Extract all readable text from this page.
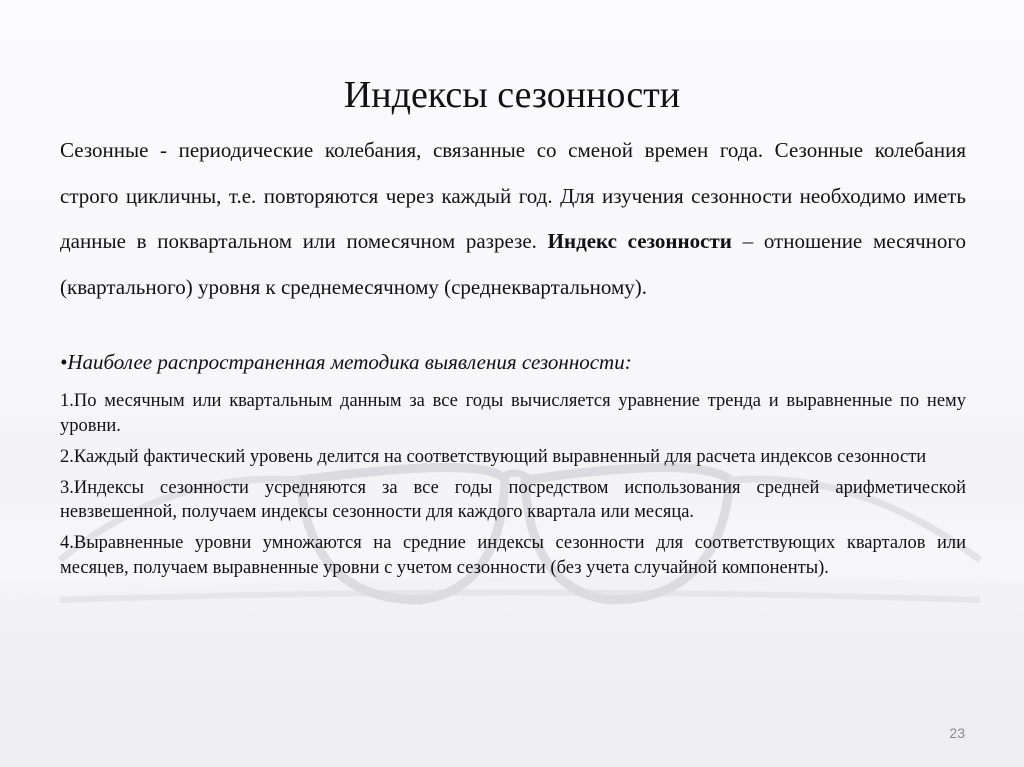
Индексы сезонности

Сезонные - периодические колебания, связанные со сменой времен года. Сезонные колебания строго цикличны, т.е. повторяются через каждый год. Для изучения сезонности необходимо иметь данные в поквартальном или помесячном разрезе. Индекс сезонности – отношение месячного (квартального) уровня к среднемесячному (среднеквартальному).

•Наиболее распространенная методика выявления сезонности:

1.По месячным или квартальным данным за все годы вычисляется уравнение тренда и выравненные по нему уровни.

2.Каждый фактический уровень делится на соответствующий выравненный для расчета индексов сезонности

3.Индексы сезонности усредняются за все годы посредством использования средней арифметической невзвешенной, получаем индексы сезонности для каждого квартала или месяца.

4.Выравненные уровни умножаются на средние индексы сезонности для соответствующих кварталов или месяцев, получаем выравненные уровни с учетом сезонности (без учета случайной компоненты).

23
